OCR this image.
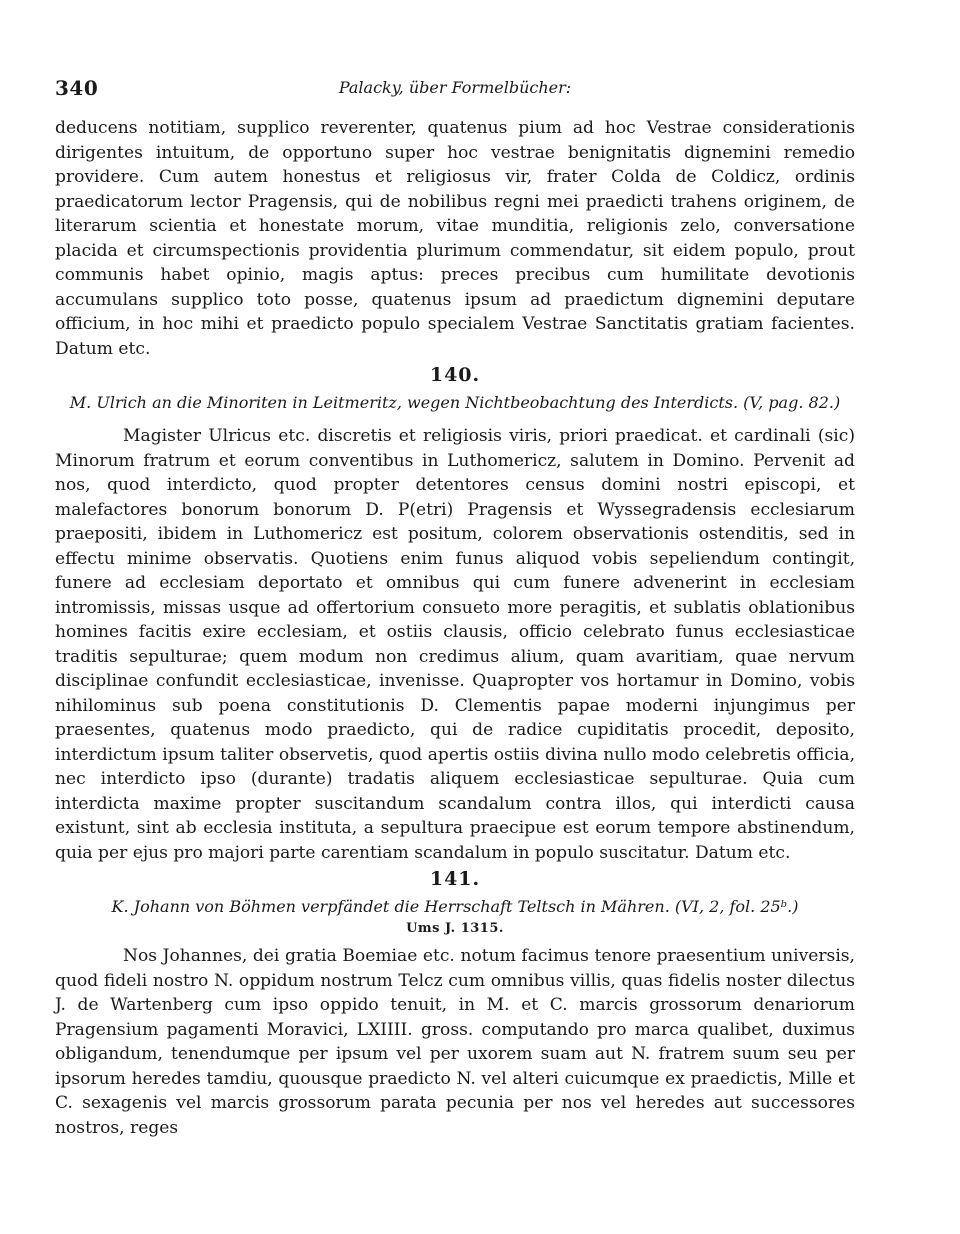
340	Palacky, über Formelbücher:

deducens notitiam, supplico reverenter, quatenus pium ad hoc Vestrae considerationis dirigentes intuitum, de opportuno super hoc vestrae benignitatis dignemini remedio providere. Cum autem honestus et religiosus vir, frater Colda de Coldicz, ordinis praedicatorum lector Pragensis, qui de nobilibus regni mei praedicti trahens originem, de literarum scientia et honestate morum, vitae munditia, religionis zelo, conversatione placida et circumspectionis providentia plurimum commendatur, sit eidem populo, prout communis habet opinio, magis aptus: preces precibus cum humilitate devotionis accumulans supplico toto posse, quatenus ipsum ad praedictum dignemini deputare officium, in hoc mihi et praedicto populo specialem Vestrae Sanctitatis gratiam facientes. Datum etc.

140.
M. Ulrich an die Minoriten in Leitmeritz, wegen Nichtbeobachtung des Interdicts. (V, pag. 82.)

Magister Ulricus etc. discretis et religiosis viris, priori praedicat. et cardinali (sic) Minorum fratrum et eorum conventibus in Luthomericz, salutem in Domino. Pervenit ad nos, quod interdicto, quod propter detentores census domini nostri episcopi, et malefactores bonorum bonorum D. P(etri) Pragensis et Wyssegradensis ecclesiarum praepositi, ibidem in Luthomericz est positum, colorem observationis ostenditis, sed in effectu minime observatis. Quotiens enim funus aliquod vobis sepeliendum contingit, funere ad ecclesiam deportato et omnibus qui cum funere advenerint in ecclesiam intromissis, missas usque ad offertorium consueto more peragitis, et sublatis oblationibus homines facitis exire ecclesiam, et ostiis clausis, officio celebrato funus ecclesiasticae traditis sepulturae; quem modum non credimus alium, quam avaritiam, quae nervum disciplinae confundit ecclesiasticae, invenisse. Quapropter vos hortamur in Domino, vobis nihilominus sub poena constitutionis D. Clementis papae moderni injungimus per praesentes, quatenus modo praedicto, qui de radice cupiditatis procedit, deposito, interdictum ipsum taliter observetis, quod apertis ostiis divina nullo modo celebretis officia, nec interdicto ipso (durante) tradatis aliquem ecclesiasticae sepulturae. Quia cum interdicta maxime propter suscitandum scandalum contra illos, qui interdicti causa existunt, sint ab ecclesia instituta, a sepultura praecipue est eorum tempore abstinendum, quia per ejus pro majori parte carentiam scandalum in populo suscitatur. Datum etc.

141.
K. Johann von Böhmen verpfändet die Herrschaft Teltsch in Mähren. (VI, 2, fol. 25ᵇ.)
Ums J. 1315.

Nos Johannes, dei gratia Boemiae etc. notum facimus tenore praesentium universis, quod fideli nostro N. oppidum nostrum Telcz cum omnibus villis, quas fidelis noster dilectus J. de Wartenberg cum ipso oppido tenuit, in M. et C. marcis grossorum denariorum Pragensium pagamenti Moravici, LXIIII. gross. computando pro marca qualibet, duximus obligandum, tenendumque per ipsum vel per uxorem suam aut N. fratrem suum seu per ipsorum heredes tamdiu, quousque praedicto N. vel alteri cuicumque ex praedictis, Mille et C. sexagenis vel marcis grossorum parata pecunia per nos vel heredes aut successores nostros, reges
